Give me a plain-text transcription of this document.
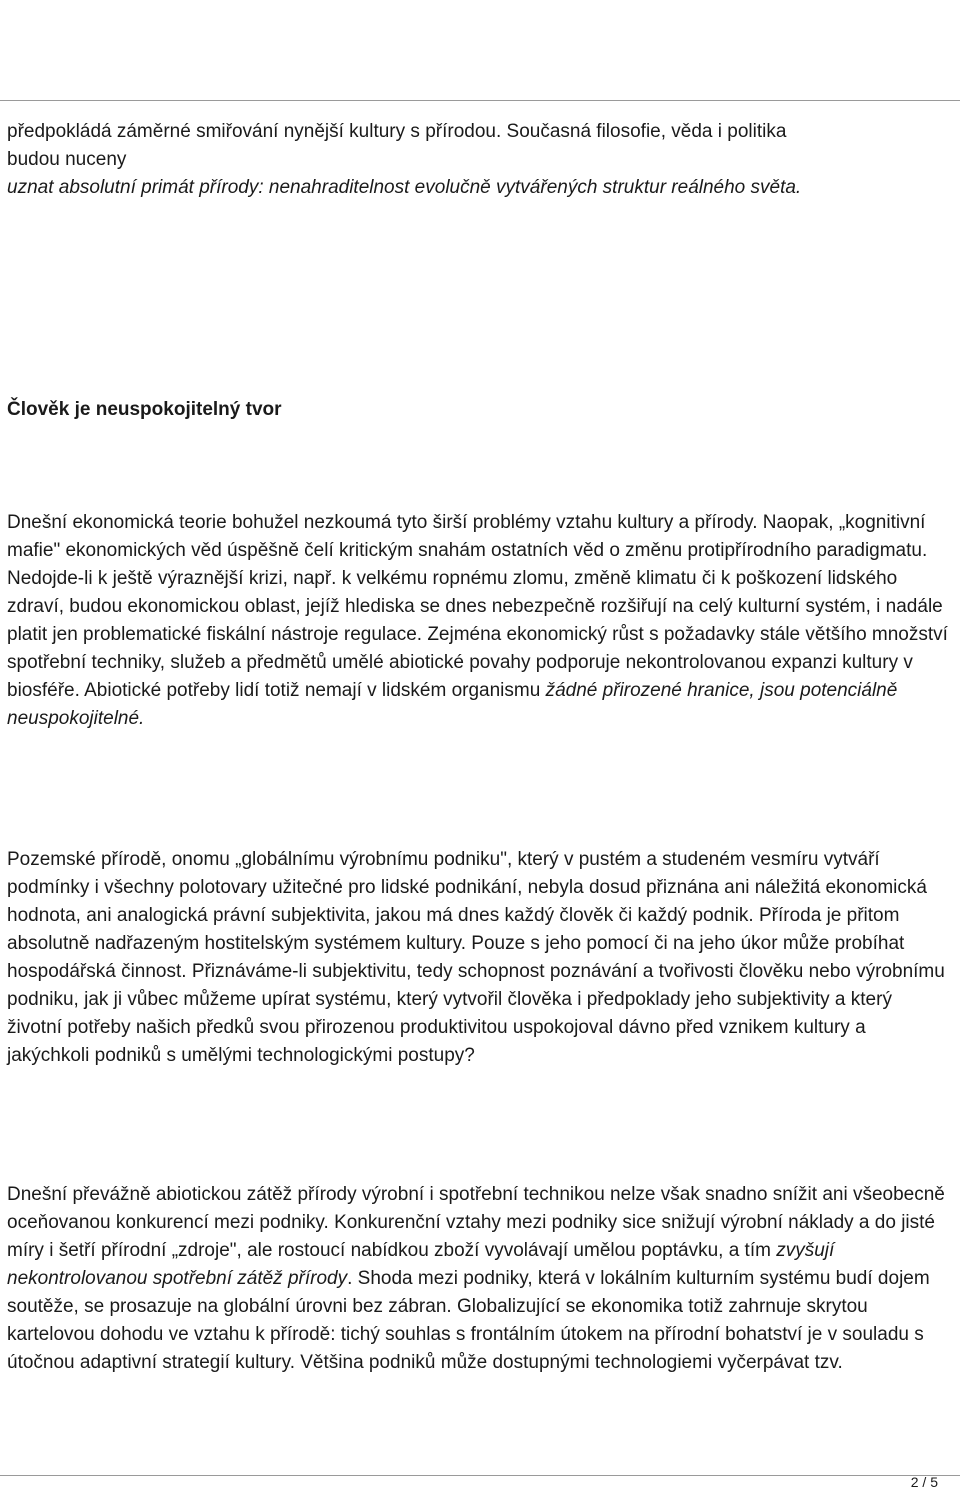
Josef Šmajs: Uzavřeme smlouvu se Zemí?
Napsal uživatel Josef Šmajs
Pátek, 10 Duben 2009 11:45 -

předpokládá záměrné smiřování nynější kultury s přírodou. Současná filosofie, věda i politika

budou nuceny

uznat absolutní primát přírody: nenahraditelnost evolučně vytvářených struktur reálného světa.

Člověk je neuspokojitelný tvor

Dnešní ekonomická teorie bohužel nezkoumá tyto širší problémy vztahu kultury a přírody. Naopak, „kognitivní mafie" ekonomických věd úspěšně čelí kritickým snahám ostatních věd o změnu protipřírodního paradigmatu. Nedojde-li k ještě výraznější krizi, např. k velkému ropnému zlomu, změně klimatu či k poškození lidského zdraví, budou ekonomickou oblast, jejíž hlediska se dnes nebezpečně rozšiřují na celý kulturní systém, i nadále platit jen problematické fiskální nástroje regulace. Zejména ekonomický růst s požadavky stále většího množství spotřební techniky, služeb a předmětů umělé abiotické povahy podporuje nekontrolovanou expanzi kultury v biosféře. Abiotické potřeby lidí totiž nemají v lidském organismu žádné přirozené hranice, jsou potenciálně neuspokojitelné.

Pozemské přírodě, onomu „globálnímu výrobnímu podniku", který v pustém a studeném vesmíru vytváří podmínky i všechny polotovary užitečné pro lidské podnikání, nebyla dosud přiznána ani náležitá ekonomická hodnota, ani analogická právní subjektivita, jakou má dnes každý člověk či každý podnik. Příroda je přitom absolutně nadřazeným hostitelským systémem kultury. Pouze s jeho pomocí či na jeho úkor může probíhat hospodářská činnost. Přiznáváme-li subjektivitu, tedy schopnost poznávání a tvořivosti člověku nebo výrobnímu podniku, jak ji vůbec můžeme upírat systému, který vytvořil člověka i předpoklady jeho subjektivity a který životní potřeby našich předků svou přirozenou produktivitou uspokojoval dávno před vznikem kultury a jakýchkoli podniků s umělými technologickými postupy?

Dnešní převážně abiotickou zátěž přírody výrobní i spotřební technikou nelze však snadno snížit ani všeobecně oceňovanou konkurencí mezi podniky. Konkurenční vztahy mezi podniky sice snižují výrobní náklady a do jisté míry i šetří přírodní „zdroje", ale rostoucí nabídkou zboží vyvolávají umělou poptávku, a tím zvyšují nekontrolovanou spotřební zátěž přírody. Shoda mezi podniky, která v lokálním kulturním systému budí dojem soutěže, se prosazuje na globální úrovni bez zábran. Globalizující se ekonomika totiž zahrnuje skrytou kartelovou dohodu ve vztahu k přírodě: tichý souhlas s frontálním útokem na přírodní bohatství je v souladu s útočnou adaptivní strategií kultury. Většina podniků může dostupnými technologiemi vyčerpávat tzv.

2 / 5
